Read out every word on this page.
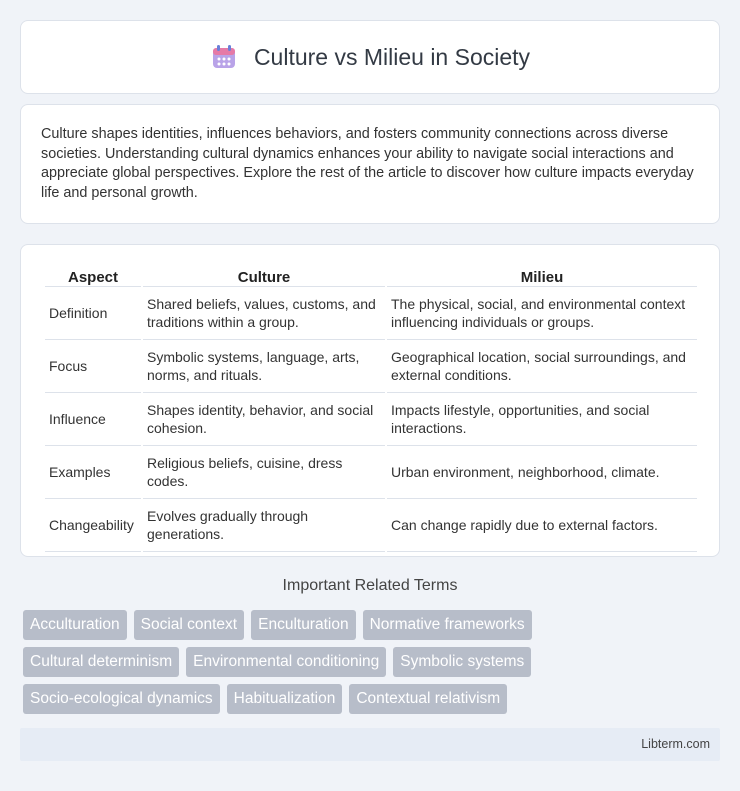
Culture vs Milieu in Society

Culture shapes identities, influences behaviors, and fosters community connections across diverse societies. Understanding cultural dynamics enhances your ability to navigate social interactions and appreciate global perspectives. Explore the rest of the article to discover how culture impacts everyday life and personal growth.

Aspect	Culture	Milieu
Definition	Shared beliefs, values, customs, and traditions within a group.	The physical, social, and environmental context influencing individuals or groups.
Focus	Symbolic systems, language, arts, norms, and rituals.	Geographical location, social surroundings, and external conditions.
Influence	Shapes identity, behavior, and social cohesion.	Impacts lifestyle, opportunities, and social interactions.
Examples	Religious beliefs, cuisine, dress codes.	Urban environment, neighborhood, climate.
Changeability	Evolves gradually through generations.	Can change rapidly due to external factors.
Important Related Terms
Acculturation	Social context	Enculturation	Normative frameworks
Cultural determinism	Environmental conditioning	Symbolic systems
Socio-ecological dynamics	Habitualization	Contextual relativism
Libterm.com
